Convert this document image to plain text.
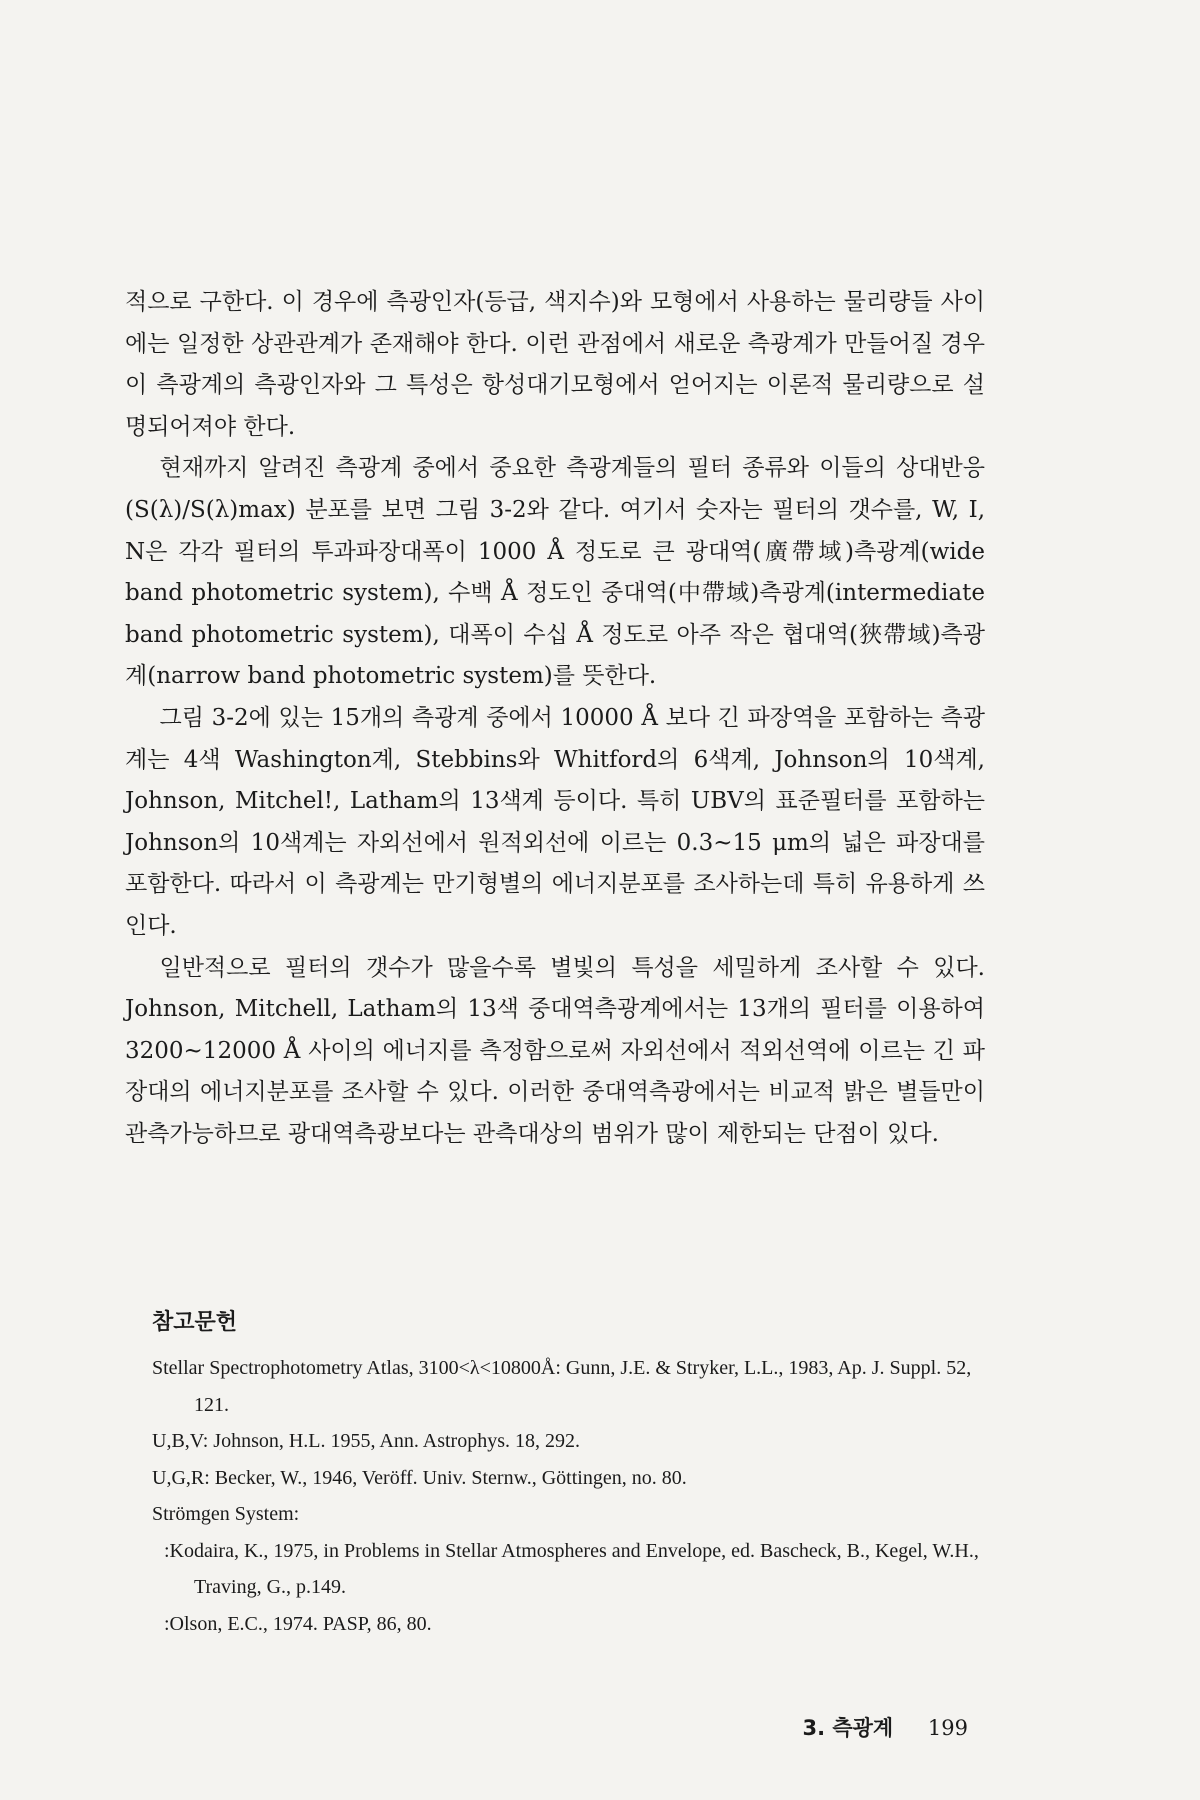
적으로 구한다. 이 경우에 측광인자(등급, 색지수)와 모형에서 사용하는 물리량들 사이에는 일정한 상관관계가 존재해야 한다. 이런 관점에서 새로운 측광계가 만들어질 경우 이 측광계의 측광인자와 그 특성은 항성대기모형에서 얻어지는 이론적 물리량으로 설명되어져야 한다.

현재까지 알려진 측광계 중에서 중요한 측광계들의 필터 종류와 이들의 상대반응(S(λ)/S(λ)max) 분포를 보면 그림 3-2와 같다. 여기서 숫자는 필터의 갯수를, W, I, N은 각각 필터의 투과파장대폭이 1000 Å 정도로 큰 광대역(廣帶域)측광계(wide band photometric system), 수백 Å 정도인 중대역(中帶域)측광계(intermediate band photometric system), 대폭이 수십 Å 정도로 아주 작은 협대역(狹帶域)측광계(narrow band photometric system)를 뜻한다.

그림 3-2에 있는 15개의 측광계 중에서 10000 Å 보다 긴 파장역을 포함하는 측광계는 4색 Washington계, Stebbins와 Whitford의 6색계, Johnson의 10색계, Johnson, Mitchel!, Latham의 13색계 등이다. 특히 UBV의 표준필터를 포함하는 Johnson의 10색계는 자외선에서 원적외선에 이르는 0.3~15 μm의 넓은 파장대를 포함한다. 따라서 이 측광계는 만기형별의 에너지분포를 조사하는데 특히 유용하게 쓰인다.

일반적으로 필터의 갯수가 많을수록 별빛의 특성을 세밀하게 조사할 수 있다. Johnson, Mitchell, Latham의 13색 중대역측광계에서는 13개의 필터를 이용하여 3200~12000 Å 사이의 에너지를 측정함으로써 자외선에서 적외선역에 이르는 긴 파장대의 에너지분포를 조사할 수 있다. 이러한 중대역측광에서는 비교적 밝은 별들만이 관측가능하므로 광대역측광보다는 관측대상의 범위가 많이 제한되는 단점이 있다.

참고문헌
Stellar Spectrophotometry Atlas, 3100<λ<10800Å: Gunn, J.E. & Stryker, L.L., 1983, Ap. J. Suppl. 52, 121.
U,B,V: Johnson, H.L. 1955, Ann. Astrophys. 18, 292.
U,G,R: Becker, W., 1946, Veröff. Univ. Sternw., Göttingen, no. 80.
Strömgen System:
:Kodaira, K., 1975, in Problems in Stellar Atmospheres and Envelope, ed. Bascheck, B., Kegel, W.H., Traving, G., p.149.
:Olson, E.C., 1974. PASP, 86, 80.
3. 측광계 199
